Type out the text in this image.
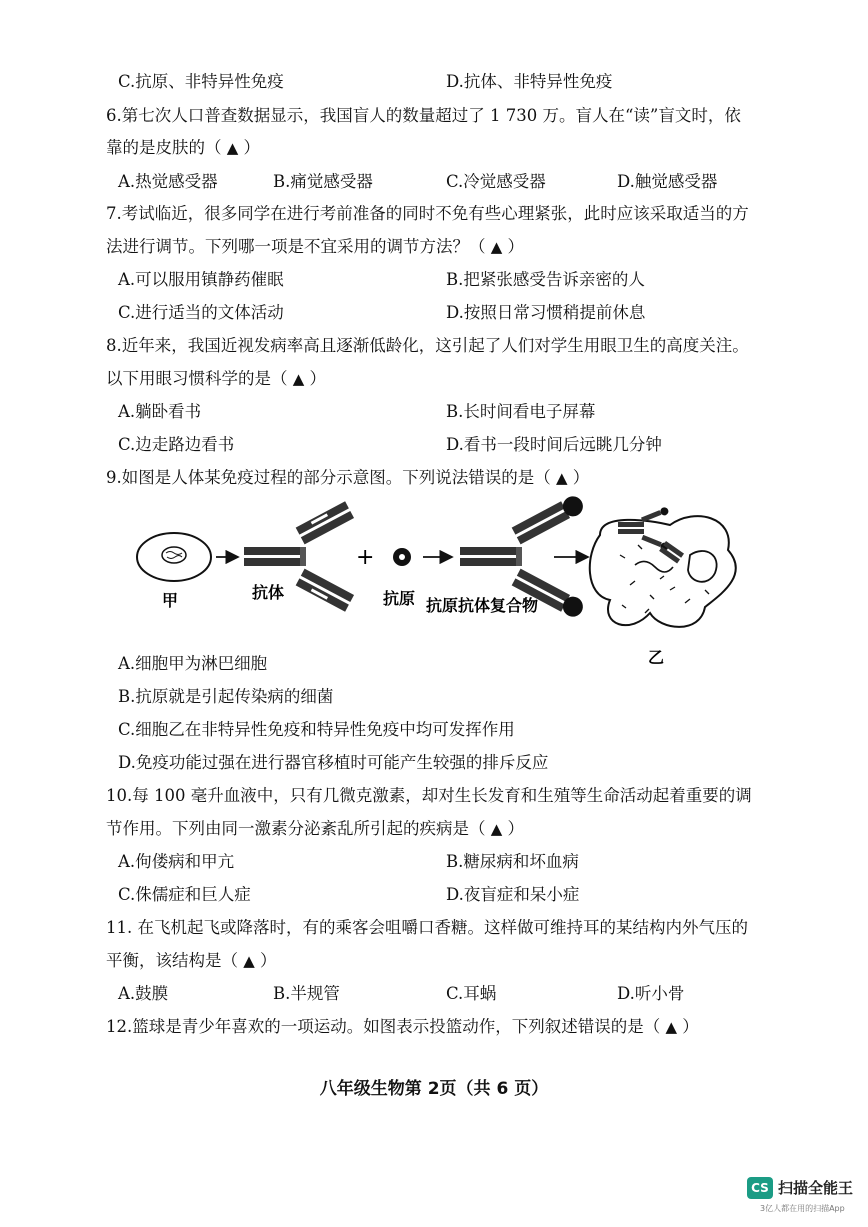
C.抗原、非特异性免疫	D.抗体、非特异性免疫
6.第七次人口普查数据显示，我国盲人的数量超过了 1 730 万。盲人在“读”盲文时，依
靠的是皮肤的（ ▲ ）
A.热觉感受器	B.痛觉感受器	C.冷觉感受器	D.触觉感受器
7.考试临近，很多同学在进行考前准备的同时不免有些心理紧张，此时应该采取适当的方
法进行调节。下列哪一项是不宜采用的调节方法？（ ▲ ）
A.可以服用镇静药催眠	B.把紧张感受告诉亲密的人
C.进行适当的文体活动	D.按照日常习惯稍提前休息
8.近年来，我国近视发病率高且逐渐低龄化，这引起了人们对学生用眼卫生的高度关注。
以下用眼习惯科学的是（ ▲ ）
A.躺卧看书	B.长时间看电子屏幕
C.边走路边看书	D.看书一段时间后远眺几分钟
9.如图是人体某免疫过程的部分示意图。下列说法错误的是（ ▲ ）
甲	抗体
+
抗原 抗原抗体复合物
乙
A.细胞甲为淋巴细胞
B.抗原就是引起传染病的细菌
C.细胞乙在非特异性免疫和特异性免疫中均可发挥作用
D.免疫功能过强在进行器官移植时可能产生较强的排斥反应
10.每 100 毫升血液中，只有几微克激素，却对生长发育和生殖等生命活动起着重要的调
节作用。下列由同一激素分泌紊乱所引起的疾病是（ ▲ ）
A.佝偻病和甲亢	B.糖尿病和坏血病
C.侏儒症和巨人症	D.夜盲症和呆小症
11. 在飞机起飞或降落时，有的乘客会咀嚼口香糖。这样做可维持耳的某结构内外气压的
平衡，该结构是（ ▲ ）
A.鼓膜	B.半规管	C.耳蜗	D.听小骨
12.篮球是青少年喜欢的一项运动。如图表示投篮动作，下列叙述错误的是（ ▲ ）
八年级生物第 2页（共 6 页）
CS 扫描全能王
3亿人都在用的扫描App
